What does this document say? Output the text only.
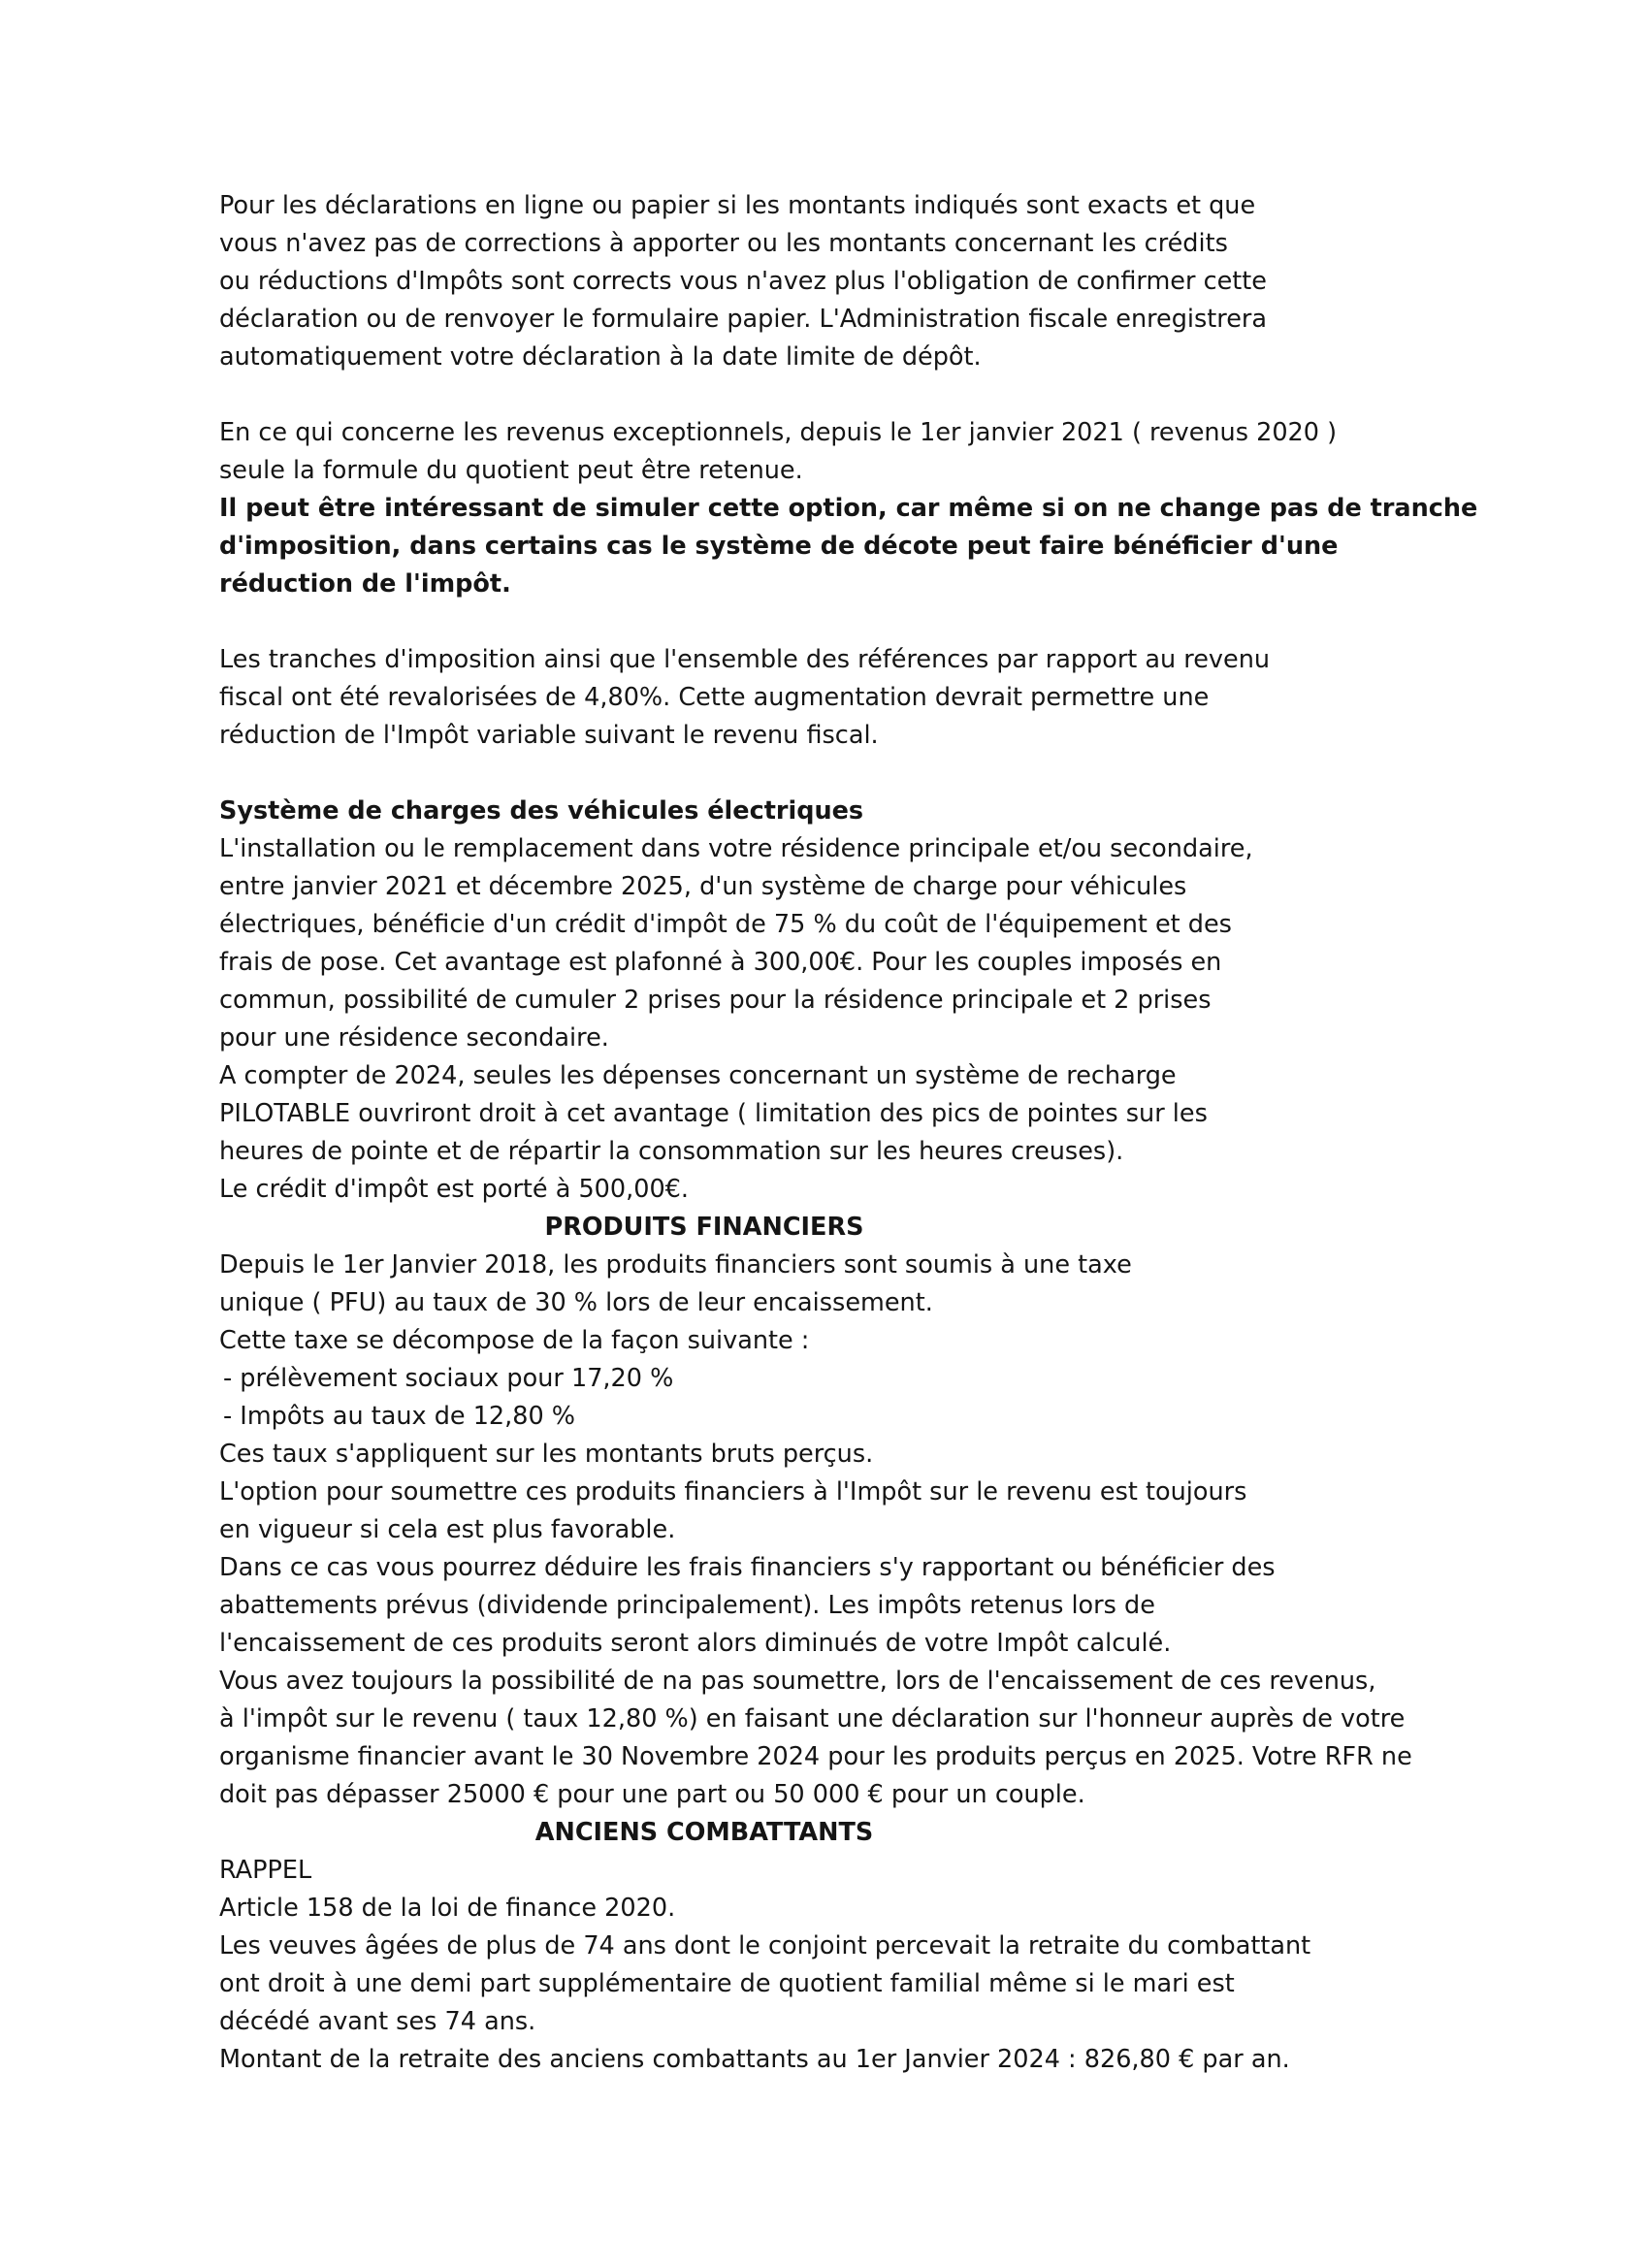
Pour les déclarations en ligne ou papier si les montants indiqués sont exacts et que
vous n'avez pas de corrections à apporter ou les montants concernant les crédits
ou réductions d'Impôts sont corrects vous n'avez plus l'obligation de confirmer cette
déclaration ou de renvoyer le formulaire papier. L'Administration fiscale enregistrera
automatiquement votre déclaration à la date limite de dépôt.
En ce qui concerne les revenus exceptionnels, depuis le 1er janvier 2021 ( revenus 2020 )
seule la formule du quotient peut être retenue.
Il peut être intéressant de simuler cette option, car même si on ne change pas de tranche
d'imposition, dans certains cas le système de décote peut faire bénéficier d'une
réduction de l'impôt.
Les tranches d'imposition ainsi que l'ensemble des références par rapport au revenu
fiscal ont été revalorisées de 4,80%. Cette augmentation devrait permettre une
réduction de l'Impôt variable suivant le revenu fiscal.
Système de charges des véhicules électriques
L'installation ou le remplacement dans votre résidence principale et/ou secondaire,
entre janvier 2021 et décembre 2025, d'un système de charge pour véhicules
électriques, bénéficie d'un crédit d'impôt de 75 % du coût de l'équipement et des
frais de pose. Cet avantage est plafonné à 300,00€. Pour les couples imposés en
commun, possibilité de cumuler 2 prises pour la résidence principale et 2 prises
pour une résidence secondaire.
A compter de 2024, seules les dépenses concernant un système de recharge
PILOTABLE ouvriront droit à cet avantage ( limitation des pics de pointes sur les
heures de pointe et de répartir la consommation sur les heures creuses).
Le crédit d'impôt est porté à 500,00€.
PRODUITS FINANCIERS
Depuis le 1er Janvier 2018, les produits financiers sont soumis à une taxe
unique ( PFU) au taux de 30 % lors de leur encaissement.
Cette taxe se décompose de la façon suivante :
- prélèvement sociaux pour 17,20 %
- Impôts au taux de 12,80 %
Ces taux s'appliquent sur les montants bruts perçus.
L'option pour soumettre ces produits financiers à l'Impôt sur le revenu est toujours
en vigueur si cela est plus favorable.
Dans ce cas vous pourrez déduire les frais financiers s'y rapportant ou bénéficier des
abattements prévus (dividende principalement). Les impôts retenus lors de
l'encaissement de ces produits seront alors diminués de votre Impôt calculé.
Vous avez toujours la possibilité de na pas soumettre, lors de l'encaissement de ces revenus,
à l'impôt sur le revenu ( taux 12,80 %) en faisant une déclaration sur l'honneur auprès de votre
organisme financier avant le 30 Novembre 2024 pour les produits perçus en 2025. Votre RFR ne
doit pas dépasser 25000 € pour une part ou 50 000 € pour un couple.
ANCIENS COMBATTANTS
RAPPEL
Article 158 de la loi de finance 2020.
Les veuves âgées de plus de 74 ans dont le conjoint percevait la retraite du combattant
ont droit à une demi part supplémentaire de quotient familial même si le mari est
décédé avant ses 74 ans.
Montant de la retraite des anciens combattants au 1er Janvier 2024 : 826,80 € par an.
